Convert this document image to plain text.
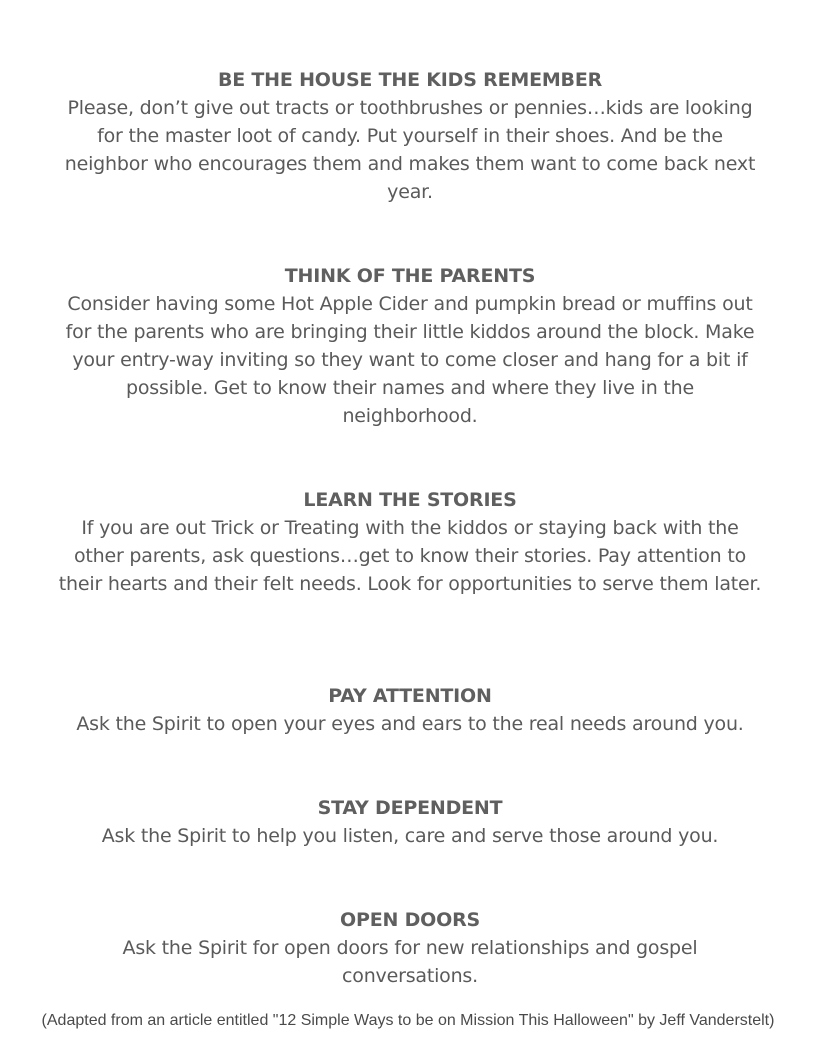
BE THE HOUSE THE KIDS REMEMBER
Please, don’t give out tracts or toothbrushes or pennies…kids are looking for the master loot of candy. Put yourself in their shoes. And be the neighbor who encourages them and makes them want to come back next year.
THINK OF THE PARENTS
Consider having some Hot Apple Cider and pumpkin bread or muffins out for the parents who are bringing their little kiddos around the block. Make your entry-way inviting so they want to come closer and hang for a bit if possible. Get to know their names and where they live in the neighborhood.
LEARN THE STORIES
If you are out Trick or Treating with the kiddos or staying back with the other parents, ask questions…get to know their stories. Pay attention to their hearts and their felt needs. Look for opportunities to serve them later.
PAY ATTENTION
Ask the Spirit to open your eyes and ears to the real needs around you.
STAY DEPENDENT
Ask the Spirit to help you listen, care and serve those around you.
OPEN DOORS
Ask the Spirit for open doors for new relationships and gospel conversations.
(Adapted from an article entitled "12 Simple Ways to be on Mission This Halloween" by Jeff Vanderstelt)
